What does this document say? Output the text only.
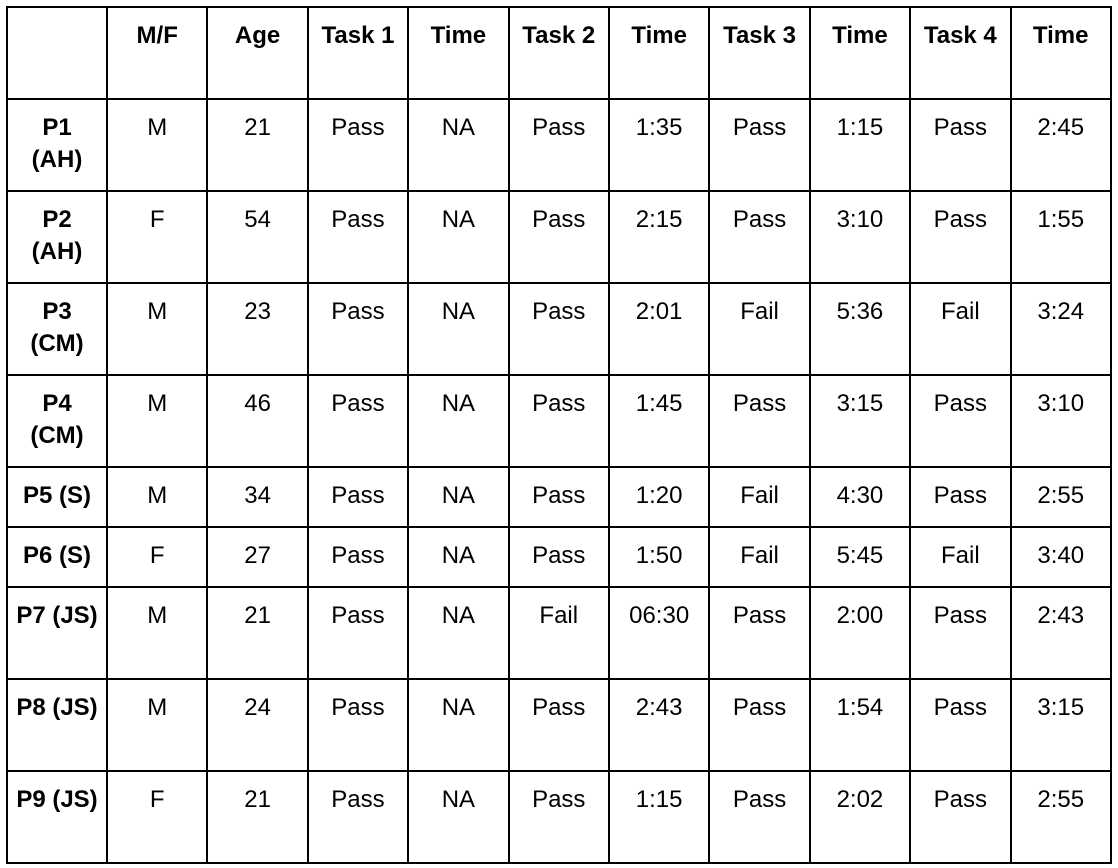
	M/F	Age	Task 1	Time	Task 2	Time	Task 3	Time	Task 4	Time
P1 (AH)	M	21	Pass	NA	Pass	1:35	Pass	1:15	Pass	2:45
P2 (AH)	F	54	Pass	NA	Pass	2:15	Pass	3:10	Pass	1:55
P3 (CM)	M	23	Pass	NA	Pass	2:01	Fail	5:36	Fail	3:24
P4 (CM)	M	46	Pass	NA	Pass	1:45	Pass	3:15	Pass	3:10
P5 (S)	M	34	Pass	NA	Pass	1:20	Fail	4:30	Pass	2:55
P6 (S)	F	27	Pass	NA	Pass	1:50	Fail	5:45	Fail	3:40
P7 (JS)	M	21	Pass	NA	Fail	06:30	Pass	2:00	Pass	2:43
P8 (JS)	M	24	Pass	NA	Pass	2:43	Pass	1:54	Pass	3:15
P9 (JS)	F	21	Pass	NA	Pass	1:15	Pass	2:02	Pass	2:55
